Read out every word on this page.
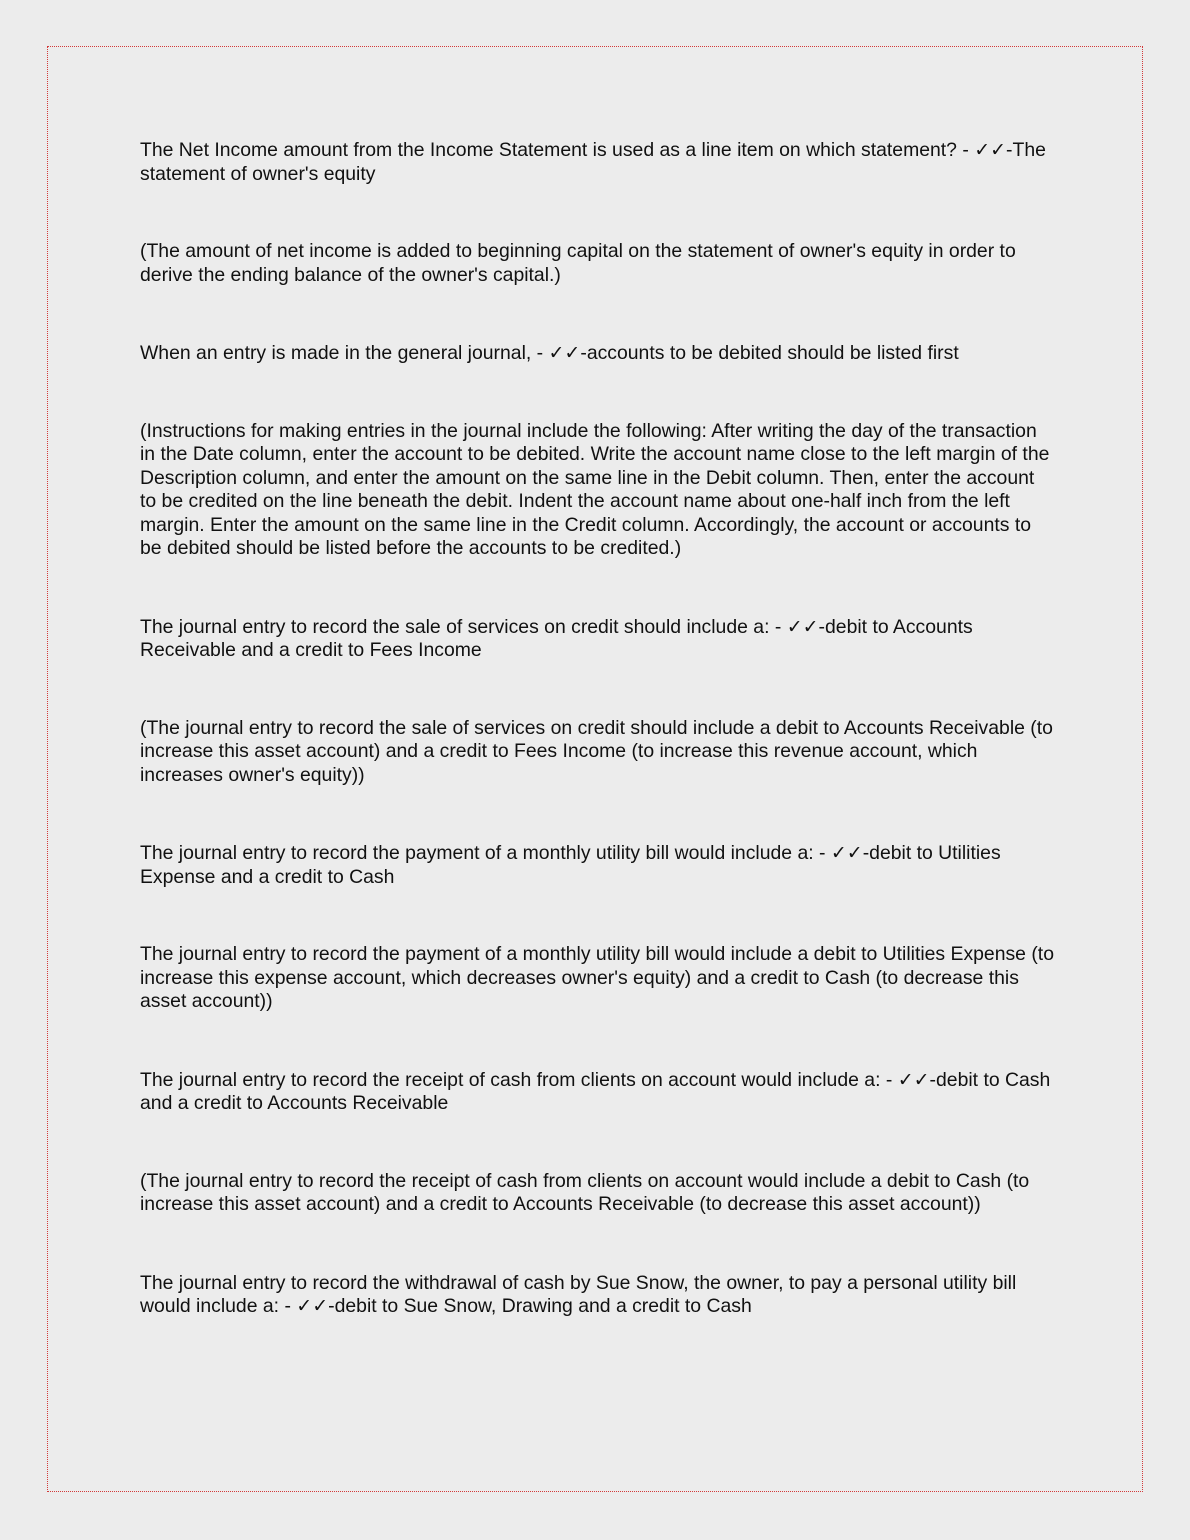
The Net Income amount from the Income Statement is used as a line item on which statement? - ✓✓-The statement of owner's equity

(The amount of net income is added to beginning capital on the statement of owner's equity in order to derive the ending balance of the owner's capital.)

When an entry is made in the general journal, - ✓✓-accounts to be debited should be listed first

(Instructions for making entries in the journal include the following: After writing the day of the transaction in the Date column, enter the account to be debited. Write the account name close to the left margin of the Description column, and enter the amount on the same line in the Debit column. Then, enter the account to be credited on the line beneath the debit. Indent the account name about one-half inch from the left margin. Enter the amount on the same line in the Credit column. Accordingly, the account or accounts to be debited should be listed before the accounts to be credited.)

The journal entry to record the sale of services on credit should include a: - ✓✓-debit to Accounts Receivable and a credit to Fees Income

(The journal entry to record the sale of services on credit should include a debit to Accounts Receivable (to increase this asset account) and a credit to Fees Income (to increase this revenue account, which increases owner's equity))

The journal entry to record the payment of a monthly utility bill would include a: - ✓✓-debit to Utilities Expense and a credit to Cash

The journal entry to record the payment of a monthly utility bill would include a debit to Utilities Expense (to increase this expense account, which decreases owner's equity) and a credit to Cash (to decrease this asset account))

The journal entry to record the receipt of cash from clients on account would include a: - ✓✓-debit to Cash and a credit to Accounts Receivable

(The journal entry to record the receipt of cash from clients on account would include a debit to Cash (to increase this asset account) and a credit to Accounts Receivable (to decrease this asset account))

The journal entry to record the withdrawal of cash by Sue Snow, the owner, to pay a personal utility bill would include a: - ✓✓-debit to Sue Snow, Drawing and a credit to Cash
